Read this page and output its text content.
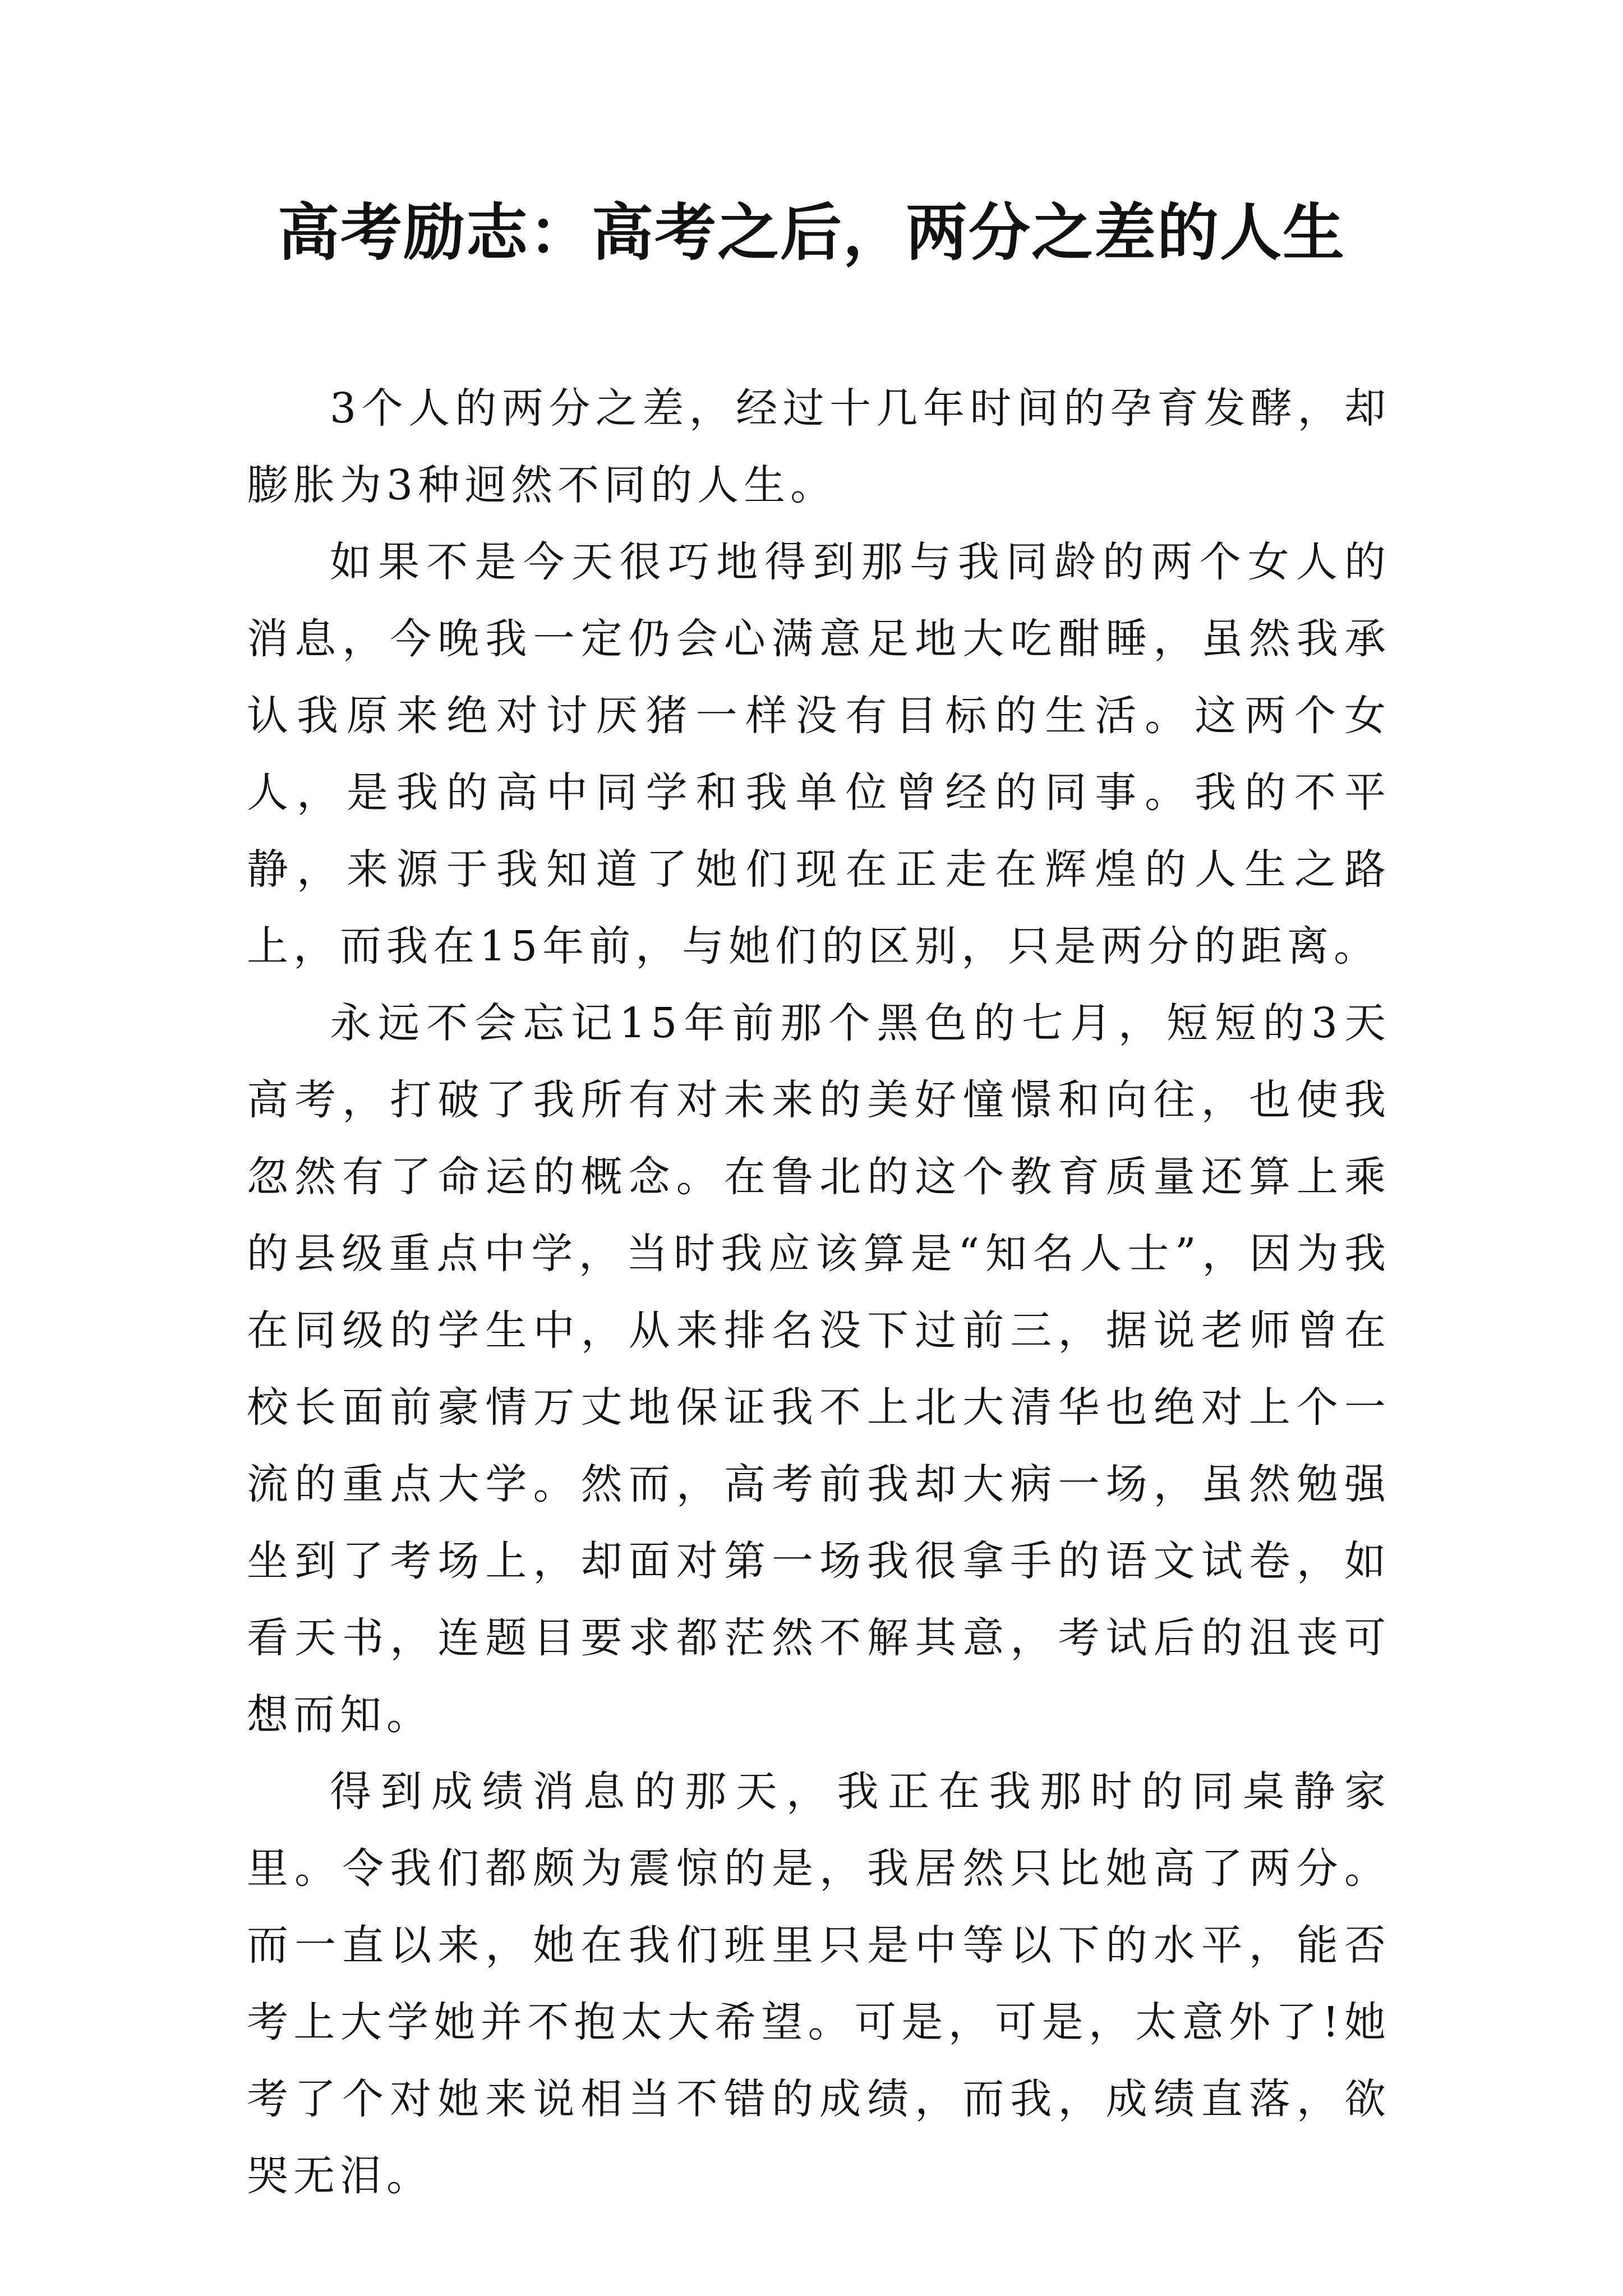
高考励志：高考之后，两分之差的人生

3个人的两分之差，经过十几年时间的孕育发酵，却膨胀为3种迥然不同的人生。

如果不是今天很巧地得到那与我同龄的两个女人的消息，今晚我一定仍会心满意足地大吃酣睡，虽然我承认我原来绝对讨厌猪一样没有目标的生活。这两个女人，是我的高中同学和我单位曾经的同事。我的不平静，来源于我知道了她们现在正走在辉煌的人生之路上，而我在15年前，与她们的区别，只是两分的距离。

永远不会忘记15年前那个黑色的七月，短短的3天高考，打破了我所有对未来的美好憧憬和向往，也使我忽然有了命运的概念。在鲁北的这个教育质量还算上乘的县级重点中学，当时我应该算是“知名人士”，因为我在同级的学生中，从来排名没下过前三，据说老师曾在校长面前豪情万丈地保证我不上北大清华也绝对上个一流的重点大学。然而，高考前我却大病一场，虽然勉强坐到了考场上，却面对第一场我很拿手的语文试卷，如看天书，连题目要求都茫然不解其意，考试后的沮丧可想而知。

得到成绩消息的那天，我正在我那时的同桌静家里。令我们都颇为震惊的是，我居然只比她高了两分。而一直以来，她在我们班里只是中等以下的水平，能否考上大学她并不抱太大希望。可是，可是，太意外了!她考了个对她来说相当不错的成绩，而我，成绩直落，欲哭无泪。
